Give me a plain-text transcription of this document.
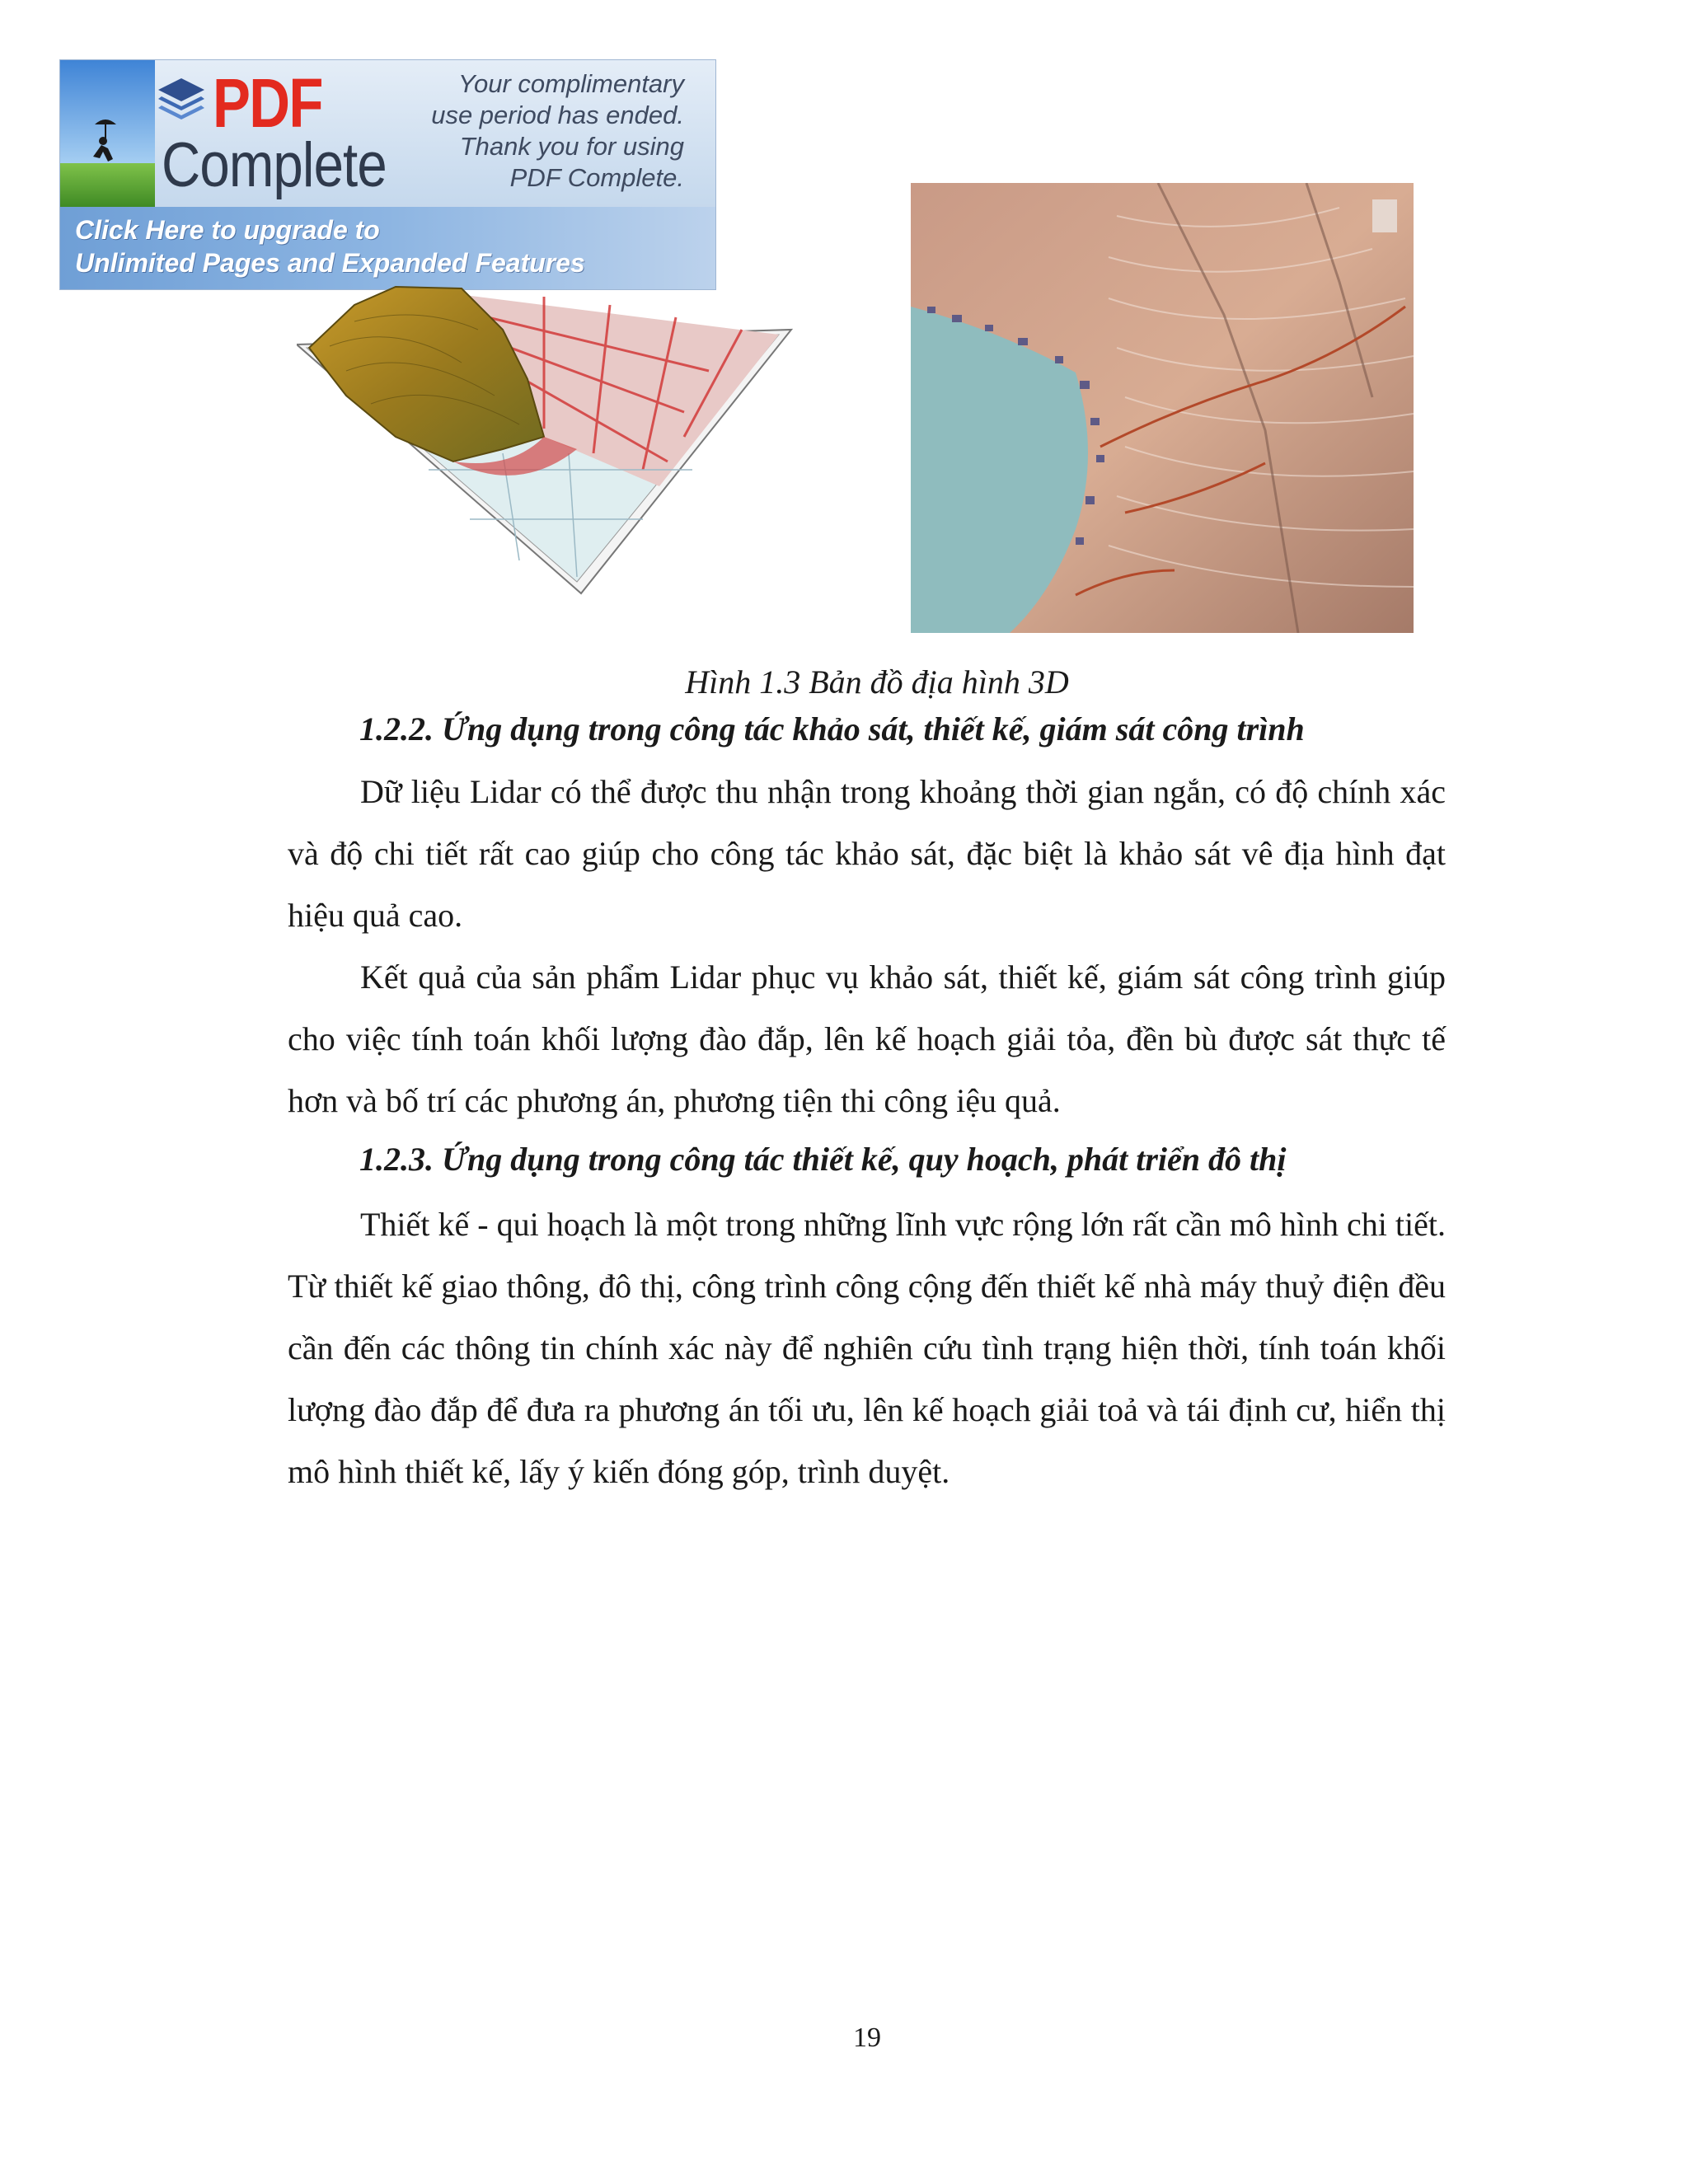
PDF
Complete
Your complimentary
use period has ended.
Thank you for using
PDF Complete.
Click Here to upgrade to
Unlimited Pages and Expanded Features
Hình 1.3 Bản đồ địa hình 3D
1.2.2. Ứng dụng trong công tác khảo sát, thiết kế, giám sát công trình
Dữ liệu Lidar có thể được thu nhận trong khoảng thời gian ngắn, có độ chính xác và độ chi tiết rất cao giúp cho công tác khảo sát, đặc biệt là khảo sát vê địa hình đạt hiệu quả cao.
Kết quả của sản phẩm Lidar phục vụ khảo sát, thiết kế, giám sát công trình giúp cho việc tính toán khối lượng đào đắp, lên kế hoạch giải tỏa, đền bù được sát thực tế hơn và bố trí các phương án, phương tiện thi công iệu quả.
1.2.3. Ứng dụng trong công tác thiết kế, quy hoạch, phát triển đô thị
Thiết kế - qui hoạch là một trong những lĩnh vực rộng lớn rất cần mô hình chi tiết. Từ thiết kế giao thông, đô thị, công trình công cộng đến thiết kế nhà máy thuỷ điện đều cần đến các thông tin chính xác này để nghiên cứu tình trạng hiện thời, tính toán khối lượng đào đắp để đưa ra phương án tối ưu, lên kế hoạch giải toả và tái định cư, hiển thị mô hình thiết kế, lấy ý kiến đóng góp, trình duyệt.
19
